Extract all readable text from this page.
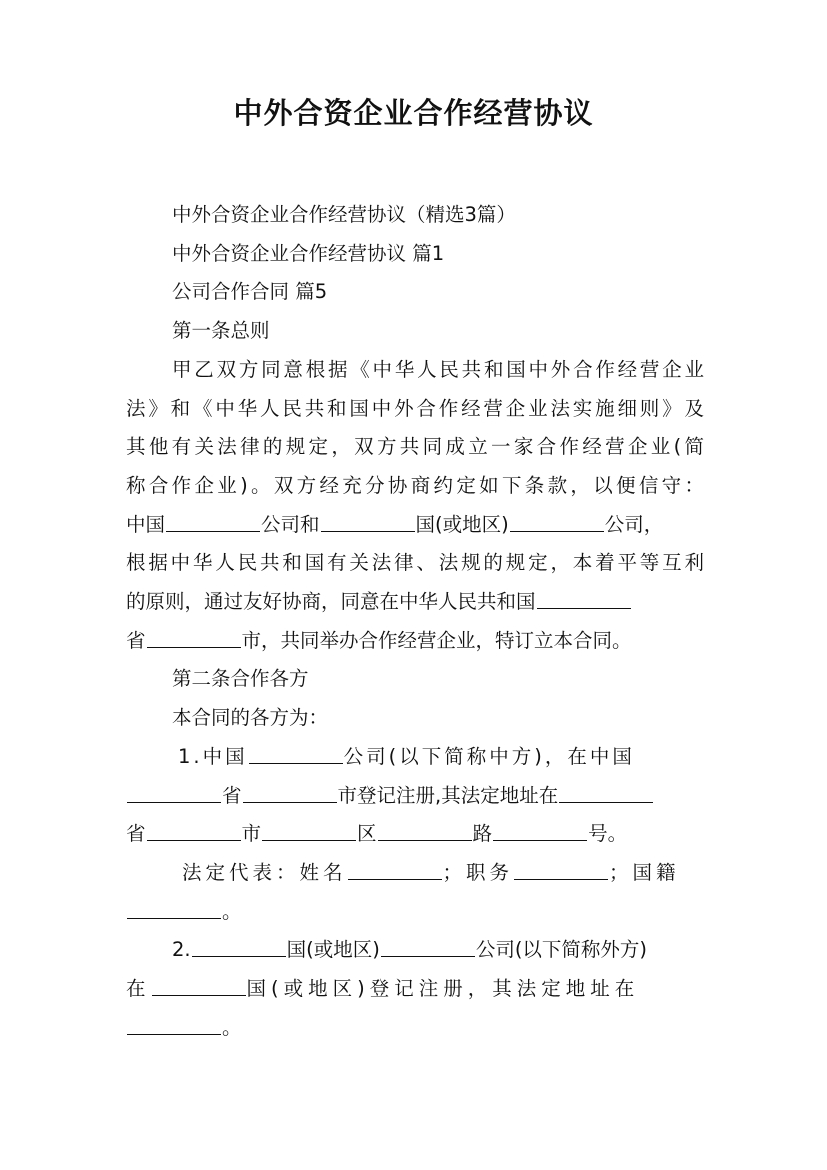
中外合资企业合作经营协议

中外合资企业合作经营协议（精选3篇）

中外合资企业合作经营协议 篇1

公司合作合同 篇5

第一条总则

甲乙双方同意根据《中华人民共和国中外合作经营企业
法》和《中华人民共和国中外合作经营企业法实施细则》及
其他有关法律的规定，双方共同成立一家合作经营企业(简
称合作企业)。双方经充分协商约定如下条款，以便信守：
中国	公司和	国(或地区)	公司，
根据中华人民共和国有关法律、法规的规定，本着平等互利
的原则，通过友好协商，同意在中华人民共和国
省	市，共同举办合作经营企业，特订立本合同。

第二条合作各方

本合同的各方为：

1.中国	公司(以下简称中方)，在中国
省	市登记注册,其法定地址在
省	市	区	路	号。
法定代表：姓名	；职务	；国籍
。
2.	国(或地区)	公司(以下简称外方)
在	国(或地区)登记注册，其法定地址在
。
